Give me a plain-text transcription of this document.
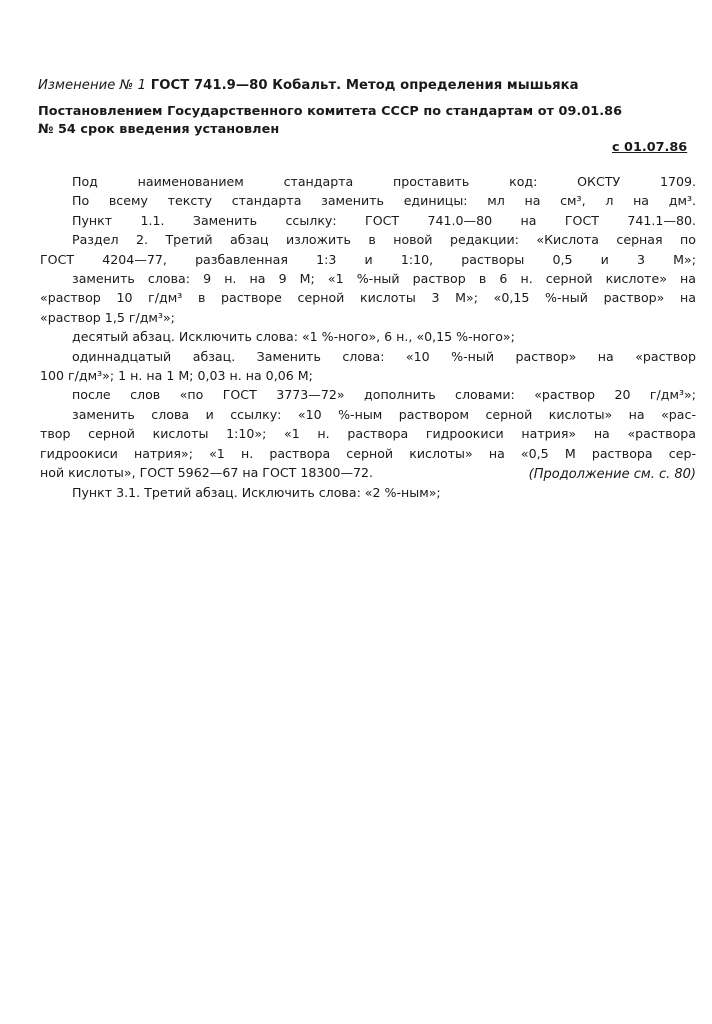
Изменение № 1 ГОСТ 741.9—80 Кобальт. Метод определения мышьяка
Постановлением Государственного комитета СССР по стандартам от 09.01.86
№ 54 срок введения установлен
с 01.07.86
Под наименованием стандарта проставить код: ОКСТУ 1709.
По всему тексту стандарта заменить единицы: мл на см³, л на дм³.
Пункт 1.1. Заменить ссылку: ГОСТ 741.0—80 на ГОСТ 741.1—80.
Раздел 2. Третий абзац изложить в новой редакции: «Кислота серная по
ГОСТ 4204—77, разбавленная 1:3 и 1:10, растворы 0,5 и 3 М»;
заменить слова: 9 н. на 9 М; «1 %-ный раствор в 6 н. серной кислоте» на
«раствор 10 г/дм³ в растворе серной кислоты 3 М»; «0,15 %-ный раствор» на
«раствор 1,5 г/дм³»;
десятый абзац. Исключить слова: «1 %-ного», 6 н., «0,15 %-ного»;
одиннадцатый абзац. Заменить слова: «10 %-ный раствор» на «раствор
100 г/дм³»; 1 н. на 1 М; 0,03 н. на 0,06 М;
после слов «по ГОСТ 3773—72» дополнить словами: «раствор 20 г/дм³»;
заменить слова и ссылку: «10 %-ным раствором серной кислоты» на «рас-
твор серной кислоты 1:10»; «1 н. раствора гидроокиси натрия» на «раствора
гидроокиси натрия»; «1 н. раствора серной кислоты» на «0,5 М раствора сер-
ной кислоты», ГОСТ 5962—67 на ГОСТ 18300—72.
Пункт 3.1. Третий абзац. Исключить слова: «2 %-ным»;
(Продолжение см. с. 80)
